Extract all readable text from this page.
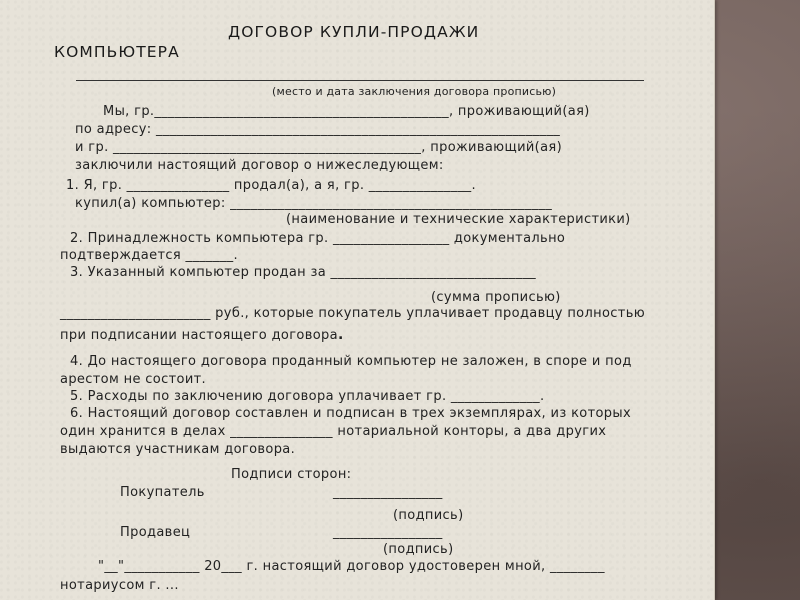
ДОГОВОР КУПЛИ-ПРОДАЖИ
КОМПЬЮТЕРА
(место и дата заключения договора прописью)
Мы, гр.___________________________________________, проживающий(ая)
по адресу: ___________________________________________________________
и гр. _____________________________________________, проживающий(ая)
заключили настоящий договор о нижеследующем:
1. Я, гр. _______________ продал(а), а я, гр. _______________.
купил(а) компьютер: _______________________________________________
(наименование и технические характеристики)
2. Принадлежность компьютера гр. _________________ документально
подтверждается _______.
3. Указанный компьютер продан за ______________________________
(сумма прописью)
______________________ руб., которые покупатель уплачивает продавцу полностью
при подписании настоящего договора.
4. До настоящего договора проданный компьютер не заложен, в споре и под
арестом не состоит.
5. Расходы по заключению договора уплачивает гр. _____________.
6. Настоящий договор составлен и подписан в трех экземплярах, из которых
один хранится в делах _______________ нотариальной конторы, а два других
выдаются участникам договора.
Подписи сторон:
Покупатель	________________
(подпись)
Продавец	________________
(подпись)
"__"___________ 20___ г. настоящий договор удостоверен мной, ________
нотариусом г. ...
